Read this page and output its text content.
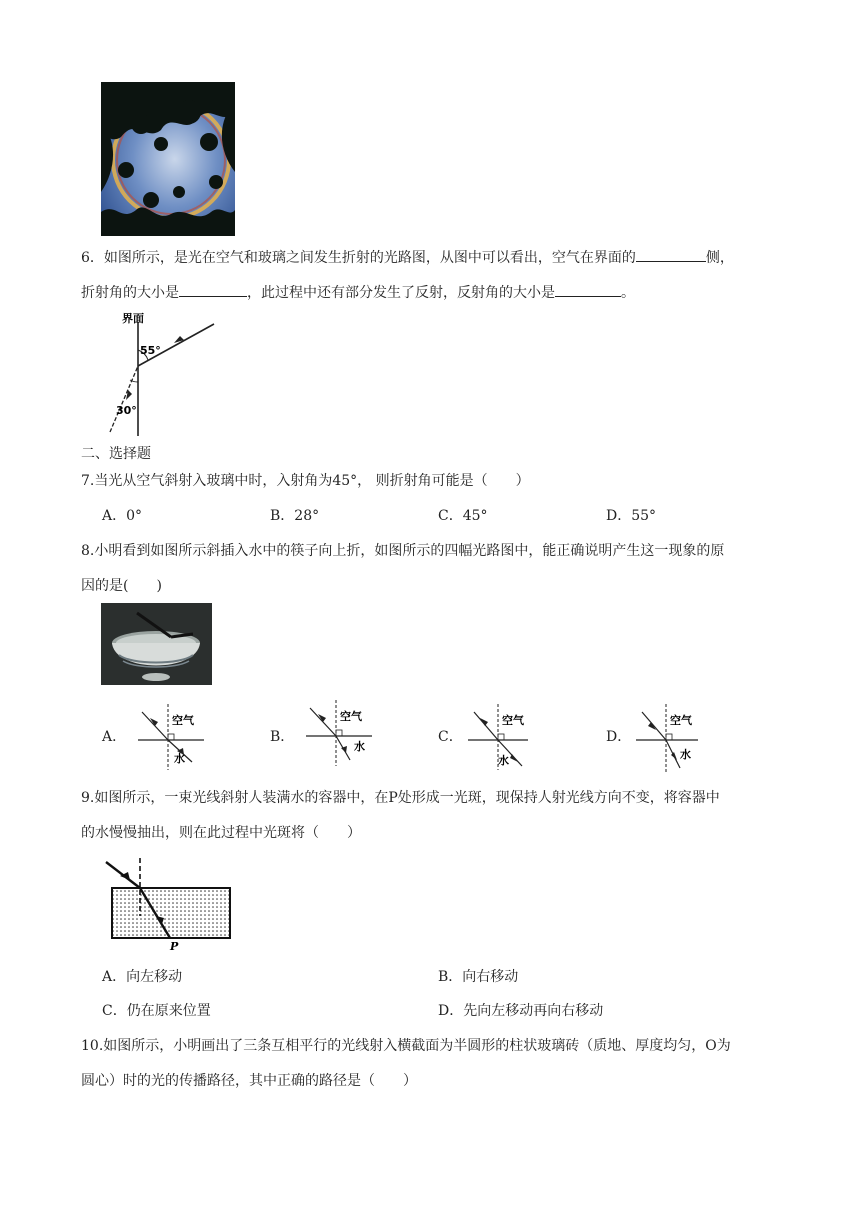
6．如图所示，是光在空气和玻璃之间发生折射的光路图，从图中可以看出，空气在界面的	侧，
折射角的大小是	，此过程中还有部分发生了反射，反射角的大小是	。
界面
55°
30°
二、选择题
7.当光从空气斜射入玻璃中时，入射角为45°， 则折射角可能是（　　）
A．0°	B．28°	C．45°	D．55°
8.小明看到如图所示斜插入水中的筷子向上折，如图所示的四幅光路图中，能正确说明产生这一现象的原
因的是(　　)
A．
空气
水
B．
空气
水
C．
空气
水
D．
空气
水
9.如图所示，一束光线斜射人装满水的容器中，在P处形成一光斑，现保持人射光线方向不变，将容器中
的水慢慢抽出，则在此过程中光斑将（　　）
P
A．向左移动	B．向右移动
C．仍在原来位置	D．先向左移动再向右移动
10.如图所示，小明画出了三条互相平行的光线射入横截面为半圆形的柱状玻璃砖（质地、厚度均匀，O为
圆心）时的光的传播路径，其中正确的路径是（　　）
